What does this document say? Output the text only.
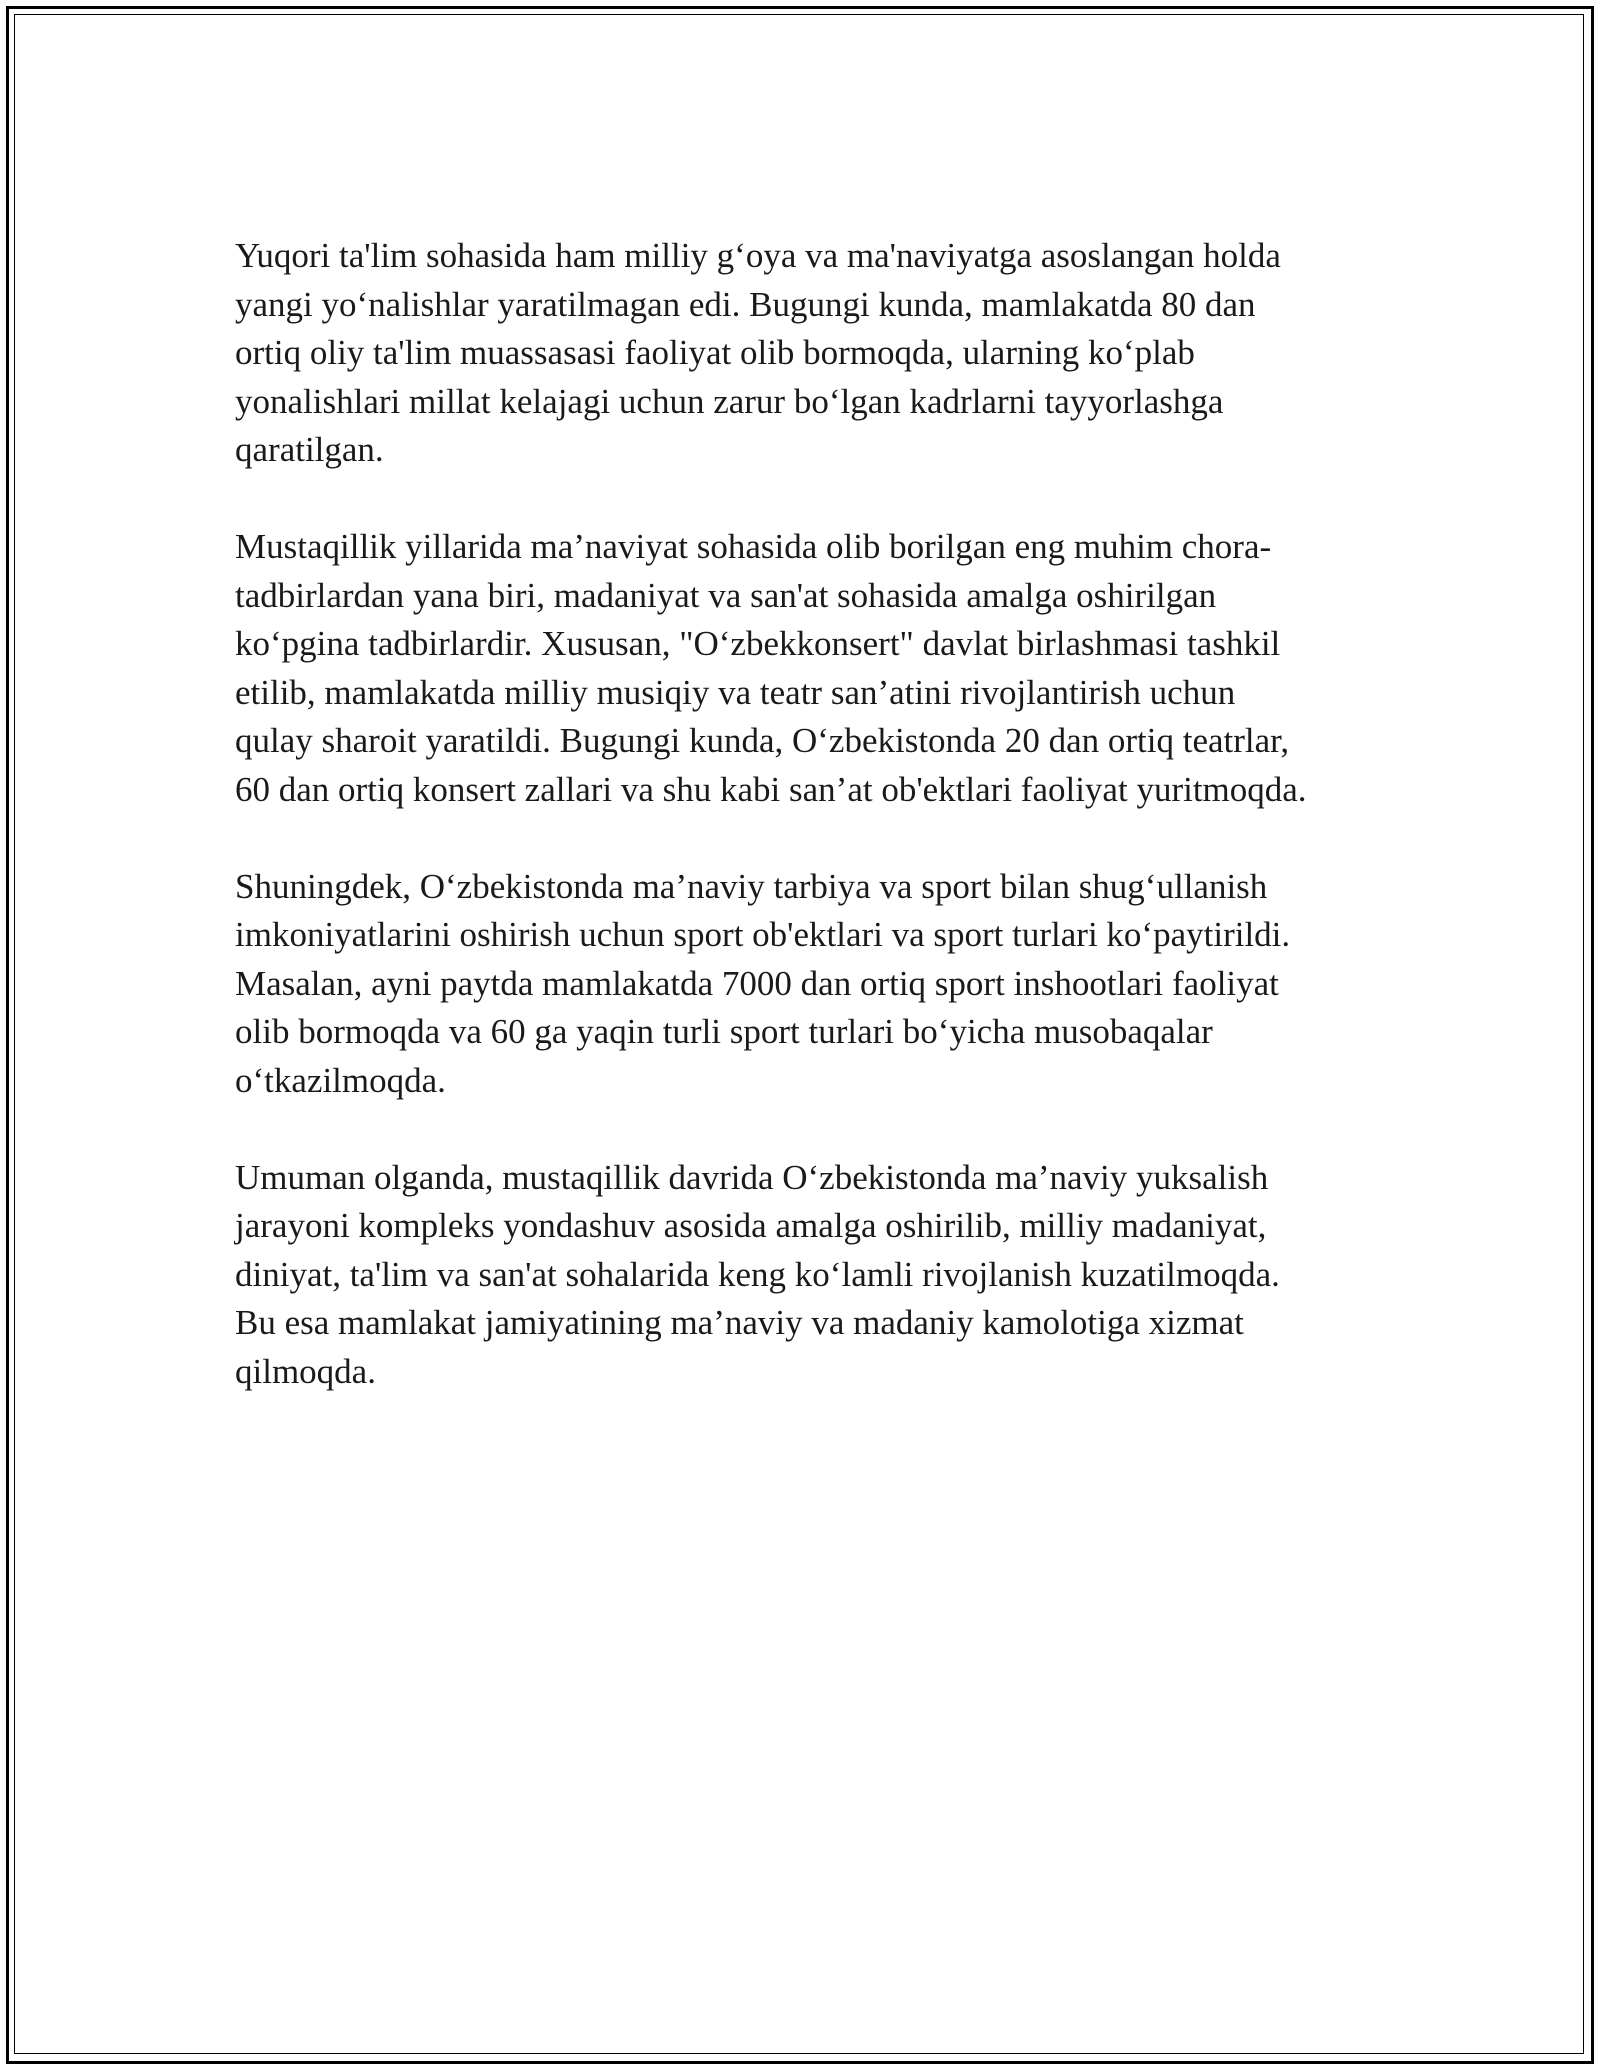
Yuqori ta'lim sohasida ham milliy g‘oya va ma'naviyatga asoslangan holda
yangi yo‘nalishlar yaratilmagan edi. Bugungi kunda, mamlakatda 80 dan
ortiq oliy ta'lim muassasasi faoliyat olib bormoqda, ularning ko‘plab
yonalishlari millat kelajagi uchun zarur bo‘lgan kadrlarni tayyorlashga
qaratilgan.

Mustaqillik yillarida ma’naviyat sohasida olib borilgan eng muhim chora-
tadbirlardan yana biri, madaniyat va san'at sohasida amalga oshirilgan
ko‘pgina tadbirlardir. Xususan, "O‘zbekkonsert" davlat birlashmasi tashkil
etilib, mamlakatda milliy musiqiy va teatr san’atini rivojlantirish uchun
qulay sharoit yaratildi. Bugungi kunda, O‘zbekistonda 20 dan ortiq teatrlar,
60 dan ortiq konsert zallari va shu kabi san’at ob'ektlari faoliyat yuritmoqda.

Shuningdek, O‘zbekistonda ma’naviy tarbiya va sport bilan shug‘ullanish
imkoniyatlarini oshirish uchun sport ob'ektlari va sport turlari ko‘paytirildi.
Masalan, ayni paytda mamlakatda 7000 dan ortiq sport inshootlari faoliyat
olib bormoqda va 60 ga yaqin turli sport turlari bo‘yicha musobaqalar
o‘tkazilmoqda.

Umuman olganda, mustaqillik davrida O‘zbekistonda ma’naviy yuksalish
jarayoni kompleks yondashuv asosida amalga oshirilib, milliy madaniyat,
diniyat, ta'lim va san'at sohalarida keng ko‘lamli rivojlanish kuzatilmoqda.
Bu esa mamlakat jamiyatining ma’naviy va madaniy kamolotiga xizmat
qilmoqda.
